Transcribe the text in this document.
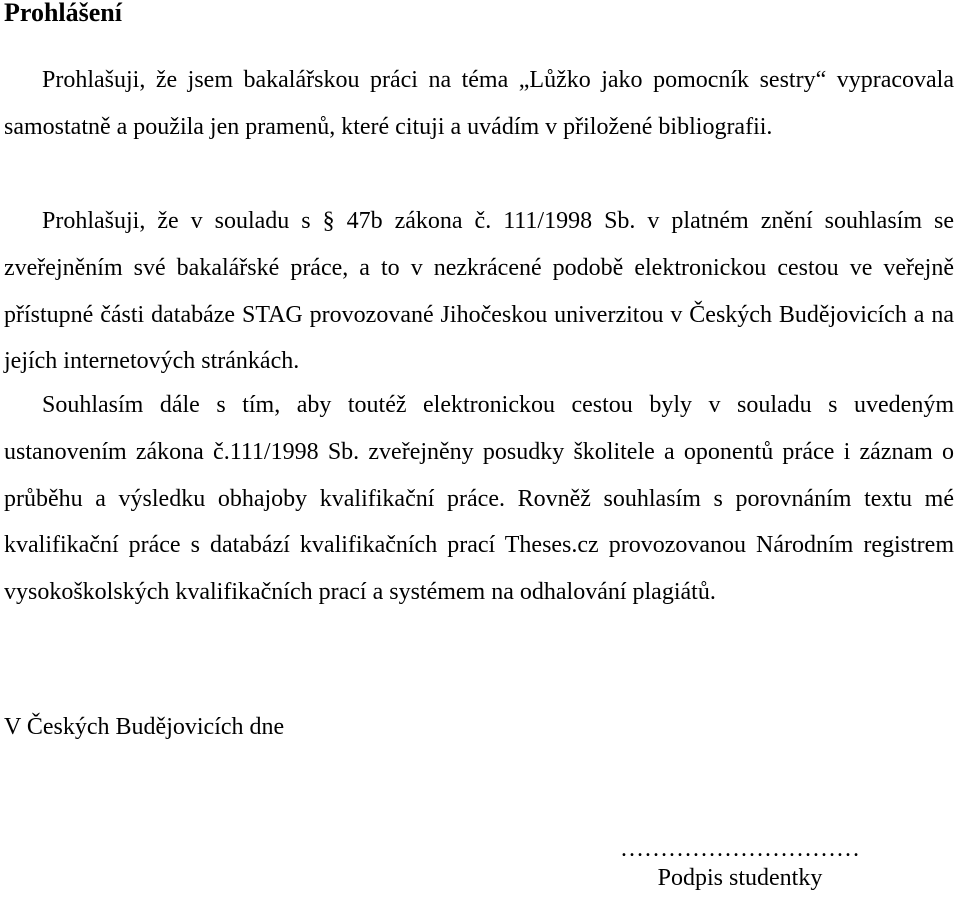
Prohlášení

Prohlašuji, že jsem bakalářskou práci na téma „Lůžko jako pomocník sestry“ vypracovala samostatně a použila jen pramenů, které cituji a uvádím v přiložené bibliografii.

Prohlašuji, že v souladu s § 47b zákona č. 111/1998 Sb. v platném znění souhlasím se zveřejněním své bakalářské práce, a to v nezkrácené podobě elektronickou cestou ve veřejně přístupné části databáze STAG provozované Jihočeskou univerzitou v Českých Budějovicích a na jejích internetových stránkách.

Souhlasím dále s tím, aby toutéž elektronickou cestou byly v souladu s uvedeným ustanovením zákona č.111/1998 Sb. zveřejněny posudky školitele a oponentů práce i záznam o průběhu a výsledku obhajoby kvalifikační práce. Rovněž souhlasím s porovnáním textu mé kvalifikační práce s databází kvalifikačních prací Theses.cz provozovanou Národním registrem vysokoškolských kvalifikačních prací a systémem na odhalování plagiátů.

V Českých Budějovicích dne

…………………………
Podpis studentky
